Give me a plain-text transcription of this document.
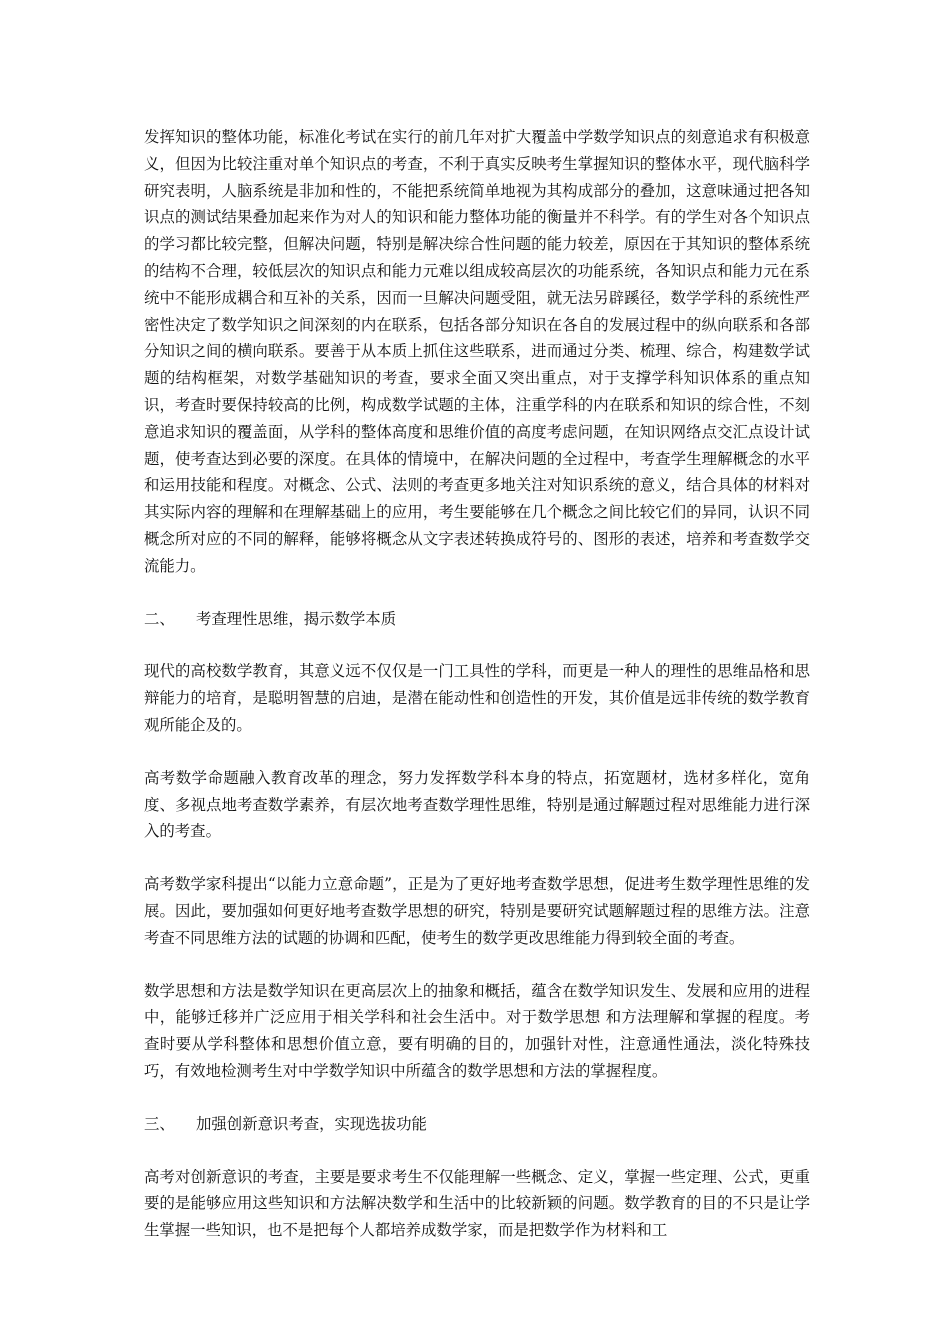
发挥知识的整体功能，标准化考试在实行的前几年对扩大覆盖中学数学知识点的刻意追求有积极意义，但因为比较注重对单个知识点的考查，不利于真实反映考生掌握知识的整体水平，现代脑科学研究表明，人脑系统是非加和性的，不能把系统简单地视为其构成部分的叠加，这意味通过把各知识点的测试结果叠加起来作为对人的知识和能力整体功能的衡量并不科学。有的学生对各个知识点的学习都比较完整，但解决问题，特别是解决综合性问题的能力较差，原因在于其知识的整体系统的结构不合理，较低层次的知识点和能力元难以组成较高层次的功能系统，各知识点和能力元在系统中不能形成耦合和互补的关系，因而一旦解决问题受阻，就无法另辟蹊径，数学学科的系统性严密性决定了数学知识之间深刻的内在联系，包括各部分知识在各自的发展过程中的纵向联系和各部分知识之间的横向联系。要善于从本质上抓住这些联系，进而通过分类、梳理、综合，构建数学试题的结构框架，对数学基础知识的考查，要求全面又突出重点，对于支撑学科知识体系的重点知识，考查时要保持较高的比例，构成数学试题的主体，注重学科的内在联系和知识的综合性，不刻意追求知识的覆盖面，从学科的整体高度和思维价值的高度考虑问题，在知识网络点交汇点设计试题，使考查达到必要的深度。在具体的情境中，在解决问题的全过程中，考查学生理解概念的水平和运用技能和程度。对概念、公式、法则的考查更多地关注对知识系统的意义，结合具体的材料对其实际内容的理解和在理解基础上的应用，考生要能够在几个概念之间比较它们的异同，认识不同概念所对应的不同的解释，能够将概念从文字表述转换成符号的、图形的表述，培养和考查数学交流能力。

二、 考查理性思维，揭示数学本质

现代的高校数学教育，其意义远不仅仅是一门工具性的学科，而更是一种人的理性的思维品格和思辩能力的培育，是聪明智慧的启迪，是潜在能动性和创造性的开发，其价值是远非传统的数学教育观所能企及的。

高考数学命题融入教育改革的理念，努力发挥数学科本身的特点，拓宽题材，选材多样化，宽角度、多视点地考查数学素养，有层次地考查数学理性思维，特别是通过解题过程对思维能力进行深入的考查。

高考数学家科提出“以能力立意命题”，正是为了更好地考查数学思想，促进考生数学理性思维的发展。因此，要加强如何更好地考查数学思想的研究，特别是要研究试题解题过程的思维方法。注意考查不同思维方法的试题的协调和匹配，使考生的数学更改思维能力得到较全面的考查。

数学思想和方法是数学知识在更高层次上的抽象和概括，蕴含在数学知识发生、发展和应用的进程中，能够迁移并广泛应用于相关学科和社会生活中。对于数学思想 和方法理解和掌握的程度。考查时要从学科整体和思想价值立意，要有明确的目的，加强针对性，注意通性通法，淡化特殊技巧，有效地检测考生对中学数学知识中所蕴含的数学思想和方法的掌握程度。

三、 加强创新意识考查，实现选拔功能

高考对创新意识的考查，主要是要求考生不仅能理解一些概念、定义，掌握一些定理、公式，更重要的是能够应用这些知识和方法解决数学和生活中的比较新颖的问题。数学教育的目的不只是让学生掌握一些知识，也不是把每个人都培养成数学家，而是把数学作为材料和工
